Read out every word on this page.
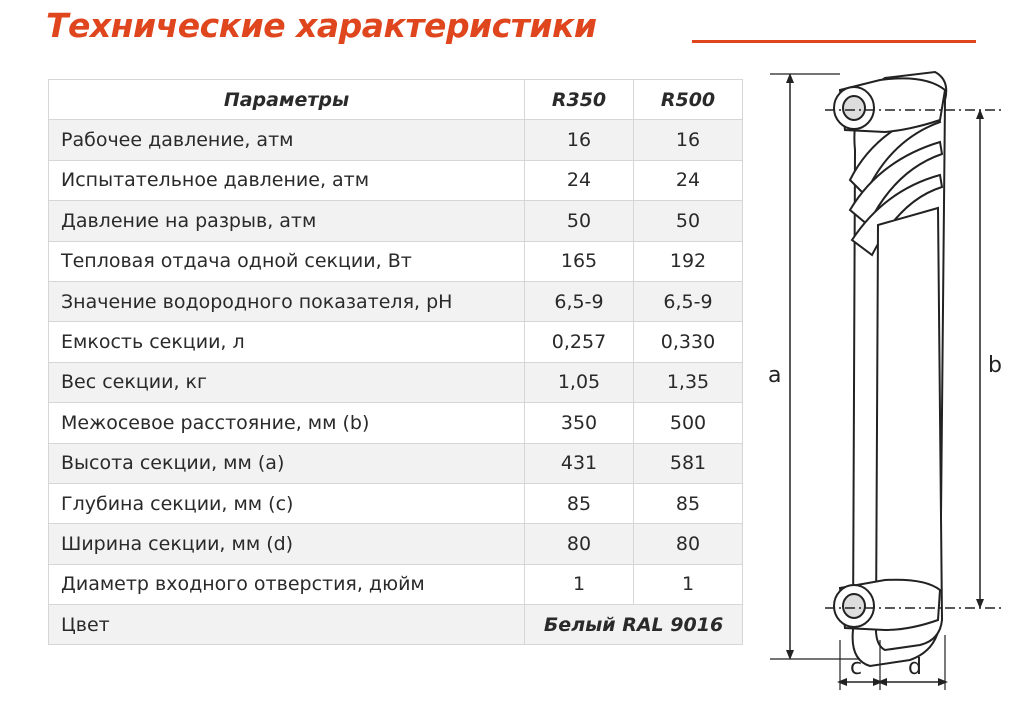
Технические характеристики
Параметры	R350	R500
Рабочее давление, атм	16	16
Испытательное давление, атм	24	24
Давление на разрыв, атм	50	50
Тепловая отдача одной секции, Вт	165	192
Значение водородного показателя, pH	6,5-9	6,5-9
Емкость секции, л	0,257	0,330
Вес секции, кг	1,05	1,35
Межосевое расстояние, мм (b)	350	500
Высота секции, мм (a)	431	581
Глубина секции, мм (c)	85	85
Ширина секции, мм (d)	80	80
Диаметр входного отверстия, дюйм	1	1
Цвет	Белый RAL 9016	
a	b
c d
